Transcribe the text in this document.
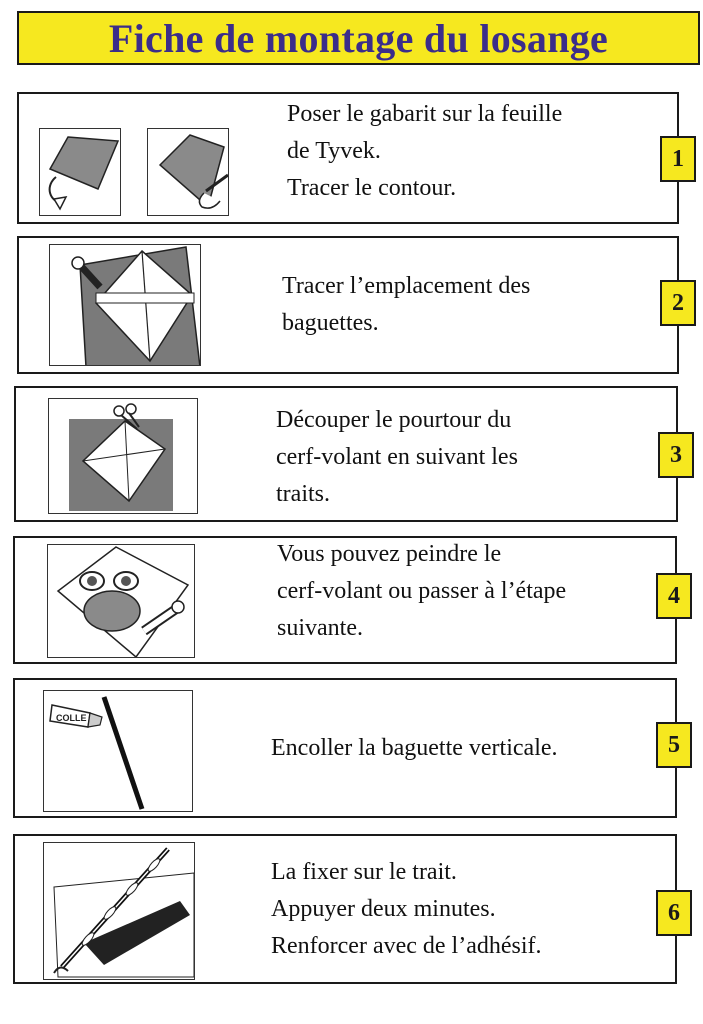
Fiche de montage du losange
Poser le gabarit sur la feuille
de Tyvek.
Tracer le contour.
1
Tracer l’emplacement des
baguettes.
2
Découper le pourtour du
cerf-volant en suivant les
traits.
3
Vous pouvez peindre le
cerf-volant ou passer à l’étape
suivante.
4
COLLE
Encoller la baguette verticale.	5
La fixer sur le trait.
Appuyer deux minutes.
Renforcer avec de l’adhésif.
6
